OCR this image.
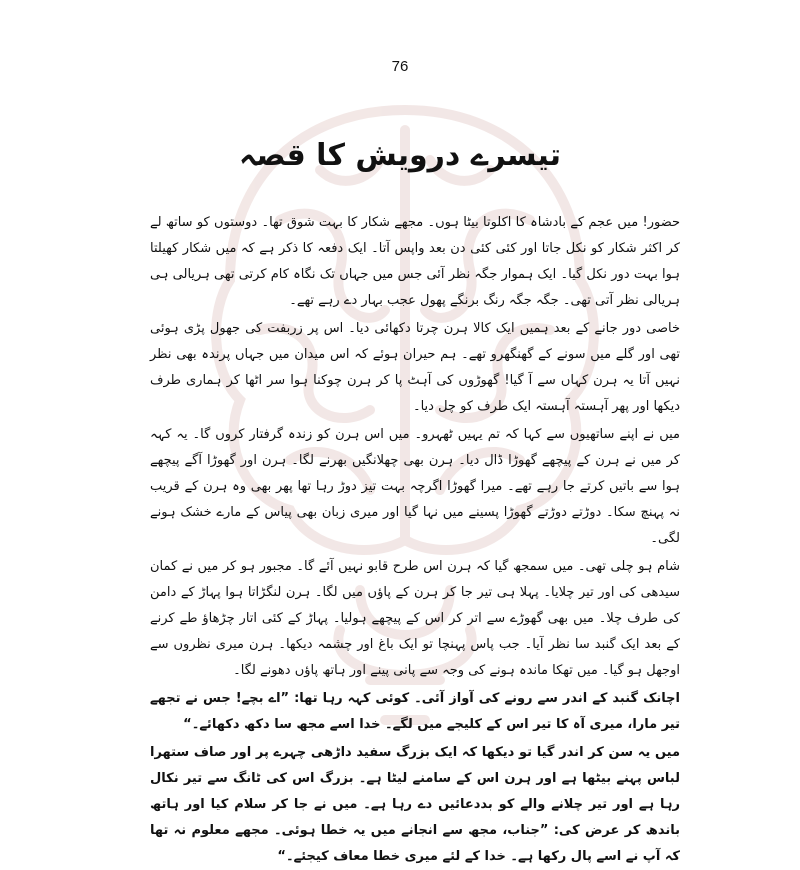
76
تیسرے درویش کا قصہ

حضور! میں عجم کے بادشاہ کا اکلوتا بیٹا ہوں۔ مجھے شکار کا بہت شوق تھا۔ دوستوں کو ساتھ لے کر اکثر شکار کو نکل جاتا اور کئی کئی دن بعد واپس آتا۔ ایک دفعہ کا ذکر ہے کہ میں شکار کھیلتا ہوا بہت دور نکل گیا۔ ایک ہموار جگہ نظر آئی جس میں جہاں تک نگاہ کام کرتی تھی ہریالی ہی ہریالی نظر آتی تھی۔ جگہ جگہ رنگ برنگے پھول عجب بہار دے رہے تھے۔

خاصی دور جانے کے بعد ہمیں ایک کالا ہرن چرتا دکھائی دیا۔ اس پر زربفت کی جھول پڑی ہوئی تھی اور گلے میں سونے کے گھنگھرو تھے۔ ہم حیران ہوئے کہ اس میدان میں جہاں پرندہ بھی نظر نہیں آتا یہ ہرن کہاں سے آ گیا! گھوڑوں کی آہٹ پا کر ہرن چوکنا ہوا سر اٹھا کر ہماری طرف دیکھا اور پھر آہستہ آہستہ ایک طرف کو چل دیا۔

میں نے اپنے ساتھیوں سے کہا کہ تم یہیں ٹھہرو۔ میں اس ہرن کو زندہ گرفتار کروں گا۔ یہ کہہ کر میں نے ہرن کے پیچھے گھوڑا ڈال دیا۔ ہرن بھی چھلانگیں بھرنے لگا۔ ہرن اور گھوڑا آگے پیچھے ہوا سے باتیں کرتے جا رہے تھے۔ میرا گھوڑا اگرچہ بہت تیز دوڑ رہا تھا پھر بھی وہ ہرن کے قریب نہ پہنچ سکا۔ دوڑتے دوڑتے گھوڑا پسینے میں نہا گیا اور میری زبان بھی پیاس کے مارے خشک ہونے لگی۔

شام ہو چلی تھی۔ میں سمجھ گیا کہ ہرن اس طرح قابو نہیں آئے گا۔ مجبور ہو کر میں نے کمان سیدھی کی اور تیر چلایا۔ پہلا ہی تیر جا کر ہرن کے پاؤں میں لگا۔ ہرن لنگڑاتا ہوا پہاڑ کے دامن کی طرف چلا۔ میں بھی گھوڑے سے اتر کر اس کے پیچھے ہولیا۔ پہاڑ کے کئی اتار چڑھاؤ طے کرنے کے بعد ایک گنبد سا نظر آیا۔ جب پاس پہنچا تو ایک باغ اور چشمہ دیکھا۔ ہرن میری نظروں سے اوجھل ہو گیا۔ میں تھکا ماندہ ہونے کی وجہ سے پانی پینے اور ہاتھ پاؤں دھونے لگا۔

اچانک گنبد کے اندر سے رونے کی آواز آئی۔ کوئی کہہ رہا تھا: ”اے بچے! جس نے تجھے تیر مارا، میری آہ کا تیر اس کے کلیجے میں لگے۔ خدا اسے مجھ سا دکھ دکھائے۔“

میں یہ سن کر اندر گیا تو دیکھا کہ ایک بزرگ سفید داڑھی چہرے پر اور صاف ستھرا لباس پہنے بیٹھا ہے اور ہرن اس کے سامنے لیٹا ہے۔ بزرگ اس کی ٹانگ سے تیر نکال رہا ہے اور تیر چلانے والے کو بددعائیں دے رہا ہے۔ میں نے جا کر سلام کیا اور ہاتھ باندھ کر عرض کی: ”جناب، مجھ سے انجانے میں یہ خطا ہوئی۔ مجھے معلوم نہ تھا کہ آپ نے اسے پال رکھا ہے۔ خدا کے لئے میری خطا معاف کیجئے۔“
